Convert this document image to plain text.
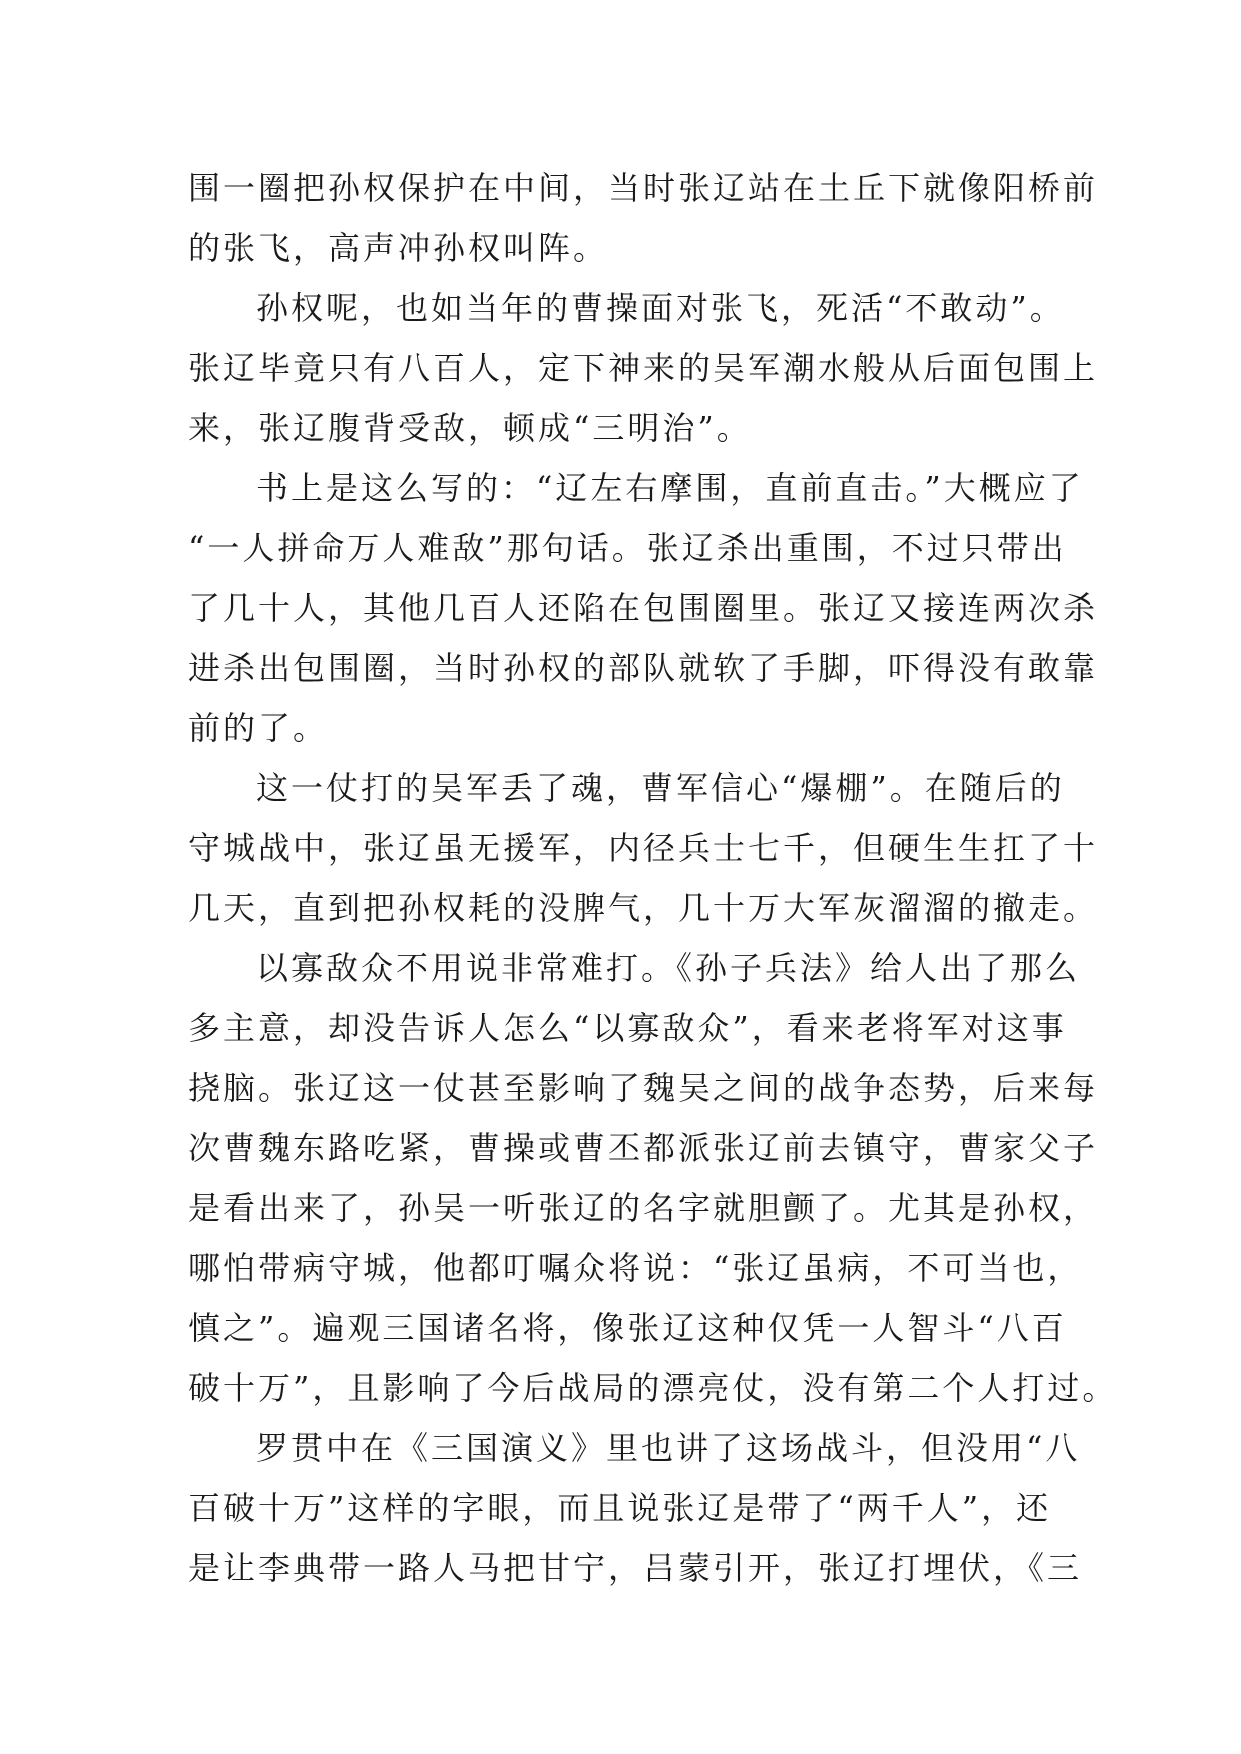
围一圈把孙权保护在中间，当时张辽站在土丘下就像阳桥前
的张飞，高声冲孙权叫阵。
孙权呢，也如当年的曹操面对张飞，死活“不敢动”。
张辽毕竟只有八百人，定下神来的吴军潮水般从后面包围上
来，张辽腹背受敌，顿成“三明治”。
书上是这么写的：“辽左右摩围，直前直击。”大概应了
“一人拼命万人难敌”那句话。张辽杀出重围，不过只带出
了几十人，其他几百人还陷在包围圈里。张辽又接连两次杀
进杀出包围圈，当时孙权的部队就软了手脚，吓得没有敢靠
前的了。
这一仗打的吴军丢了魂，曹军信心“爆棚”。在随后的
守城战中，张辽虽无援军，内径兵士七千，但硬生生扛了十
几天，直到把孙权耗的没脾气，几十万大军灰溜溜的撤走。
以寡敌众不用说非常难打。《孙子兵法》给人出了那么
多主意，却没告诉人怎么“以寡敌众”，看来老将军对这事
挠脑。张辽这一仗甚至影响了魏吴之间的战争态势，后来每
次曹魏东路吃紧，曹操或曹丕都派张辽前去镇守，曹家父子
是看出来了，孙吴一听张辽的名字就胆颤了。尤其是孙权，
哪怕带病守城，他都叮嘱众将说：“张辽虽病，不可当也，
慎之”。遍观三国诸名将，像张辽这种仅凭一人智斗“八百
破十万”，且影响了今后战局的漂亮仗，没有第二个人打过。
罗贯中在《三国演义》里也讲了这场战斗，但没用“八
百破十万”这样的字眼，而且说张辽是带了“两千人”，还
是让李典带一路人马把甘宁，吕蒙引开，张辽打埋伏，《三
